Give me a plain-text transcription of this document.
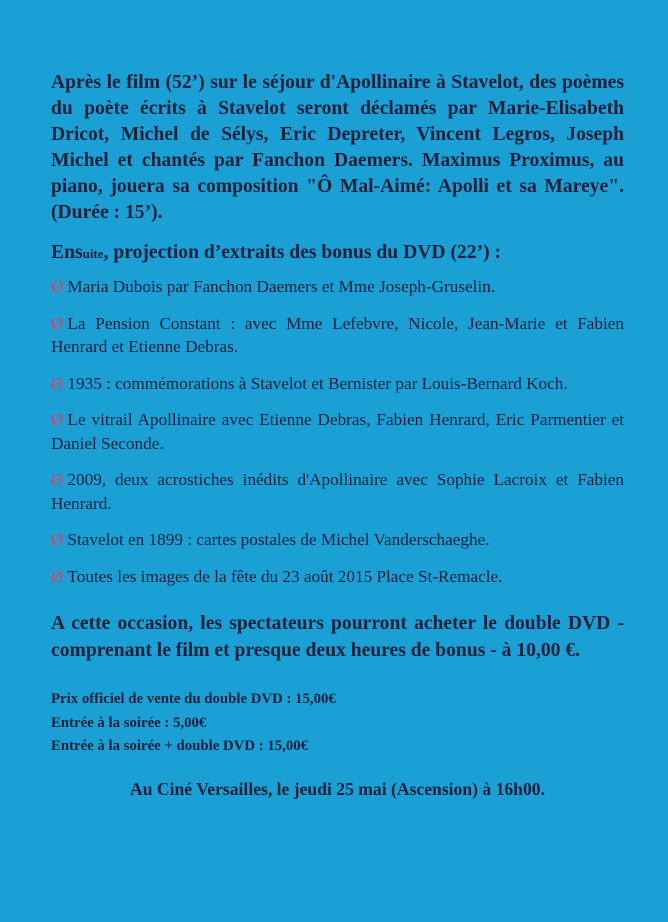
Après le film (52’) sur le séjour d'Apollinaire à Stavelot, des poèmes du poète écrits à Stavelot seront déclamés par Marie-Elisabeth Dricot, Michel de Sélys, Eric Depreter, Vincent Legros, Joseph Michel et chantés par Fanchon Daemers. Maximus Proximus, au piano, jouera sa composition "Ô Mal-Aimé: Apolli et sa Mareye". (Durée : 15’).

Ensuite, projection d’extraits des bonus du DVD (22’) :

Ø Maria Dubois par Fanchon Daemers et Mme Joseph-Gruselin.
Ø La Pension Constant : avec Mme Lefebvre, Nicole, Jean-Marie et Fabien Henrard et Etienne Debras.
Ø 1935 : commémorations à Stavelot et Bernister par Louis-Bernard Koch.
Ø Le vitrail Apollinaire avec Etienne Debras, Fabien Henrard, Eric Parmentier et Daniel Seconde.
Ø 2009, deux acrostiches inédits d'Apollinaire avec Sophie Lacroix et Fabien Henrard.
Ø Stavelot en 1899 : cartes postales de Michel Vanderschaeghe.
Ø Toutes les images de la fête du 23 août 2015 Place St-Remacle.

A cette occasion, les spectateurs pourront acheter le double DVD - comprenant le film et presque deux heures de bonus - à 10,00 €.

Prix officiel de vente du double DVD : 15,00€
Entrée à la soirée : 5,00€
Entrée à la soirée + double DVD : 15,00€

Au Ciné Versailles, le jeudi 25 mai (Ascension) à 16h00.
